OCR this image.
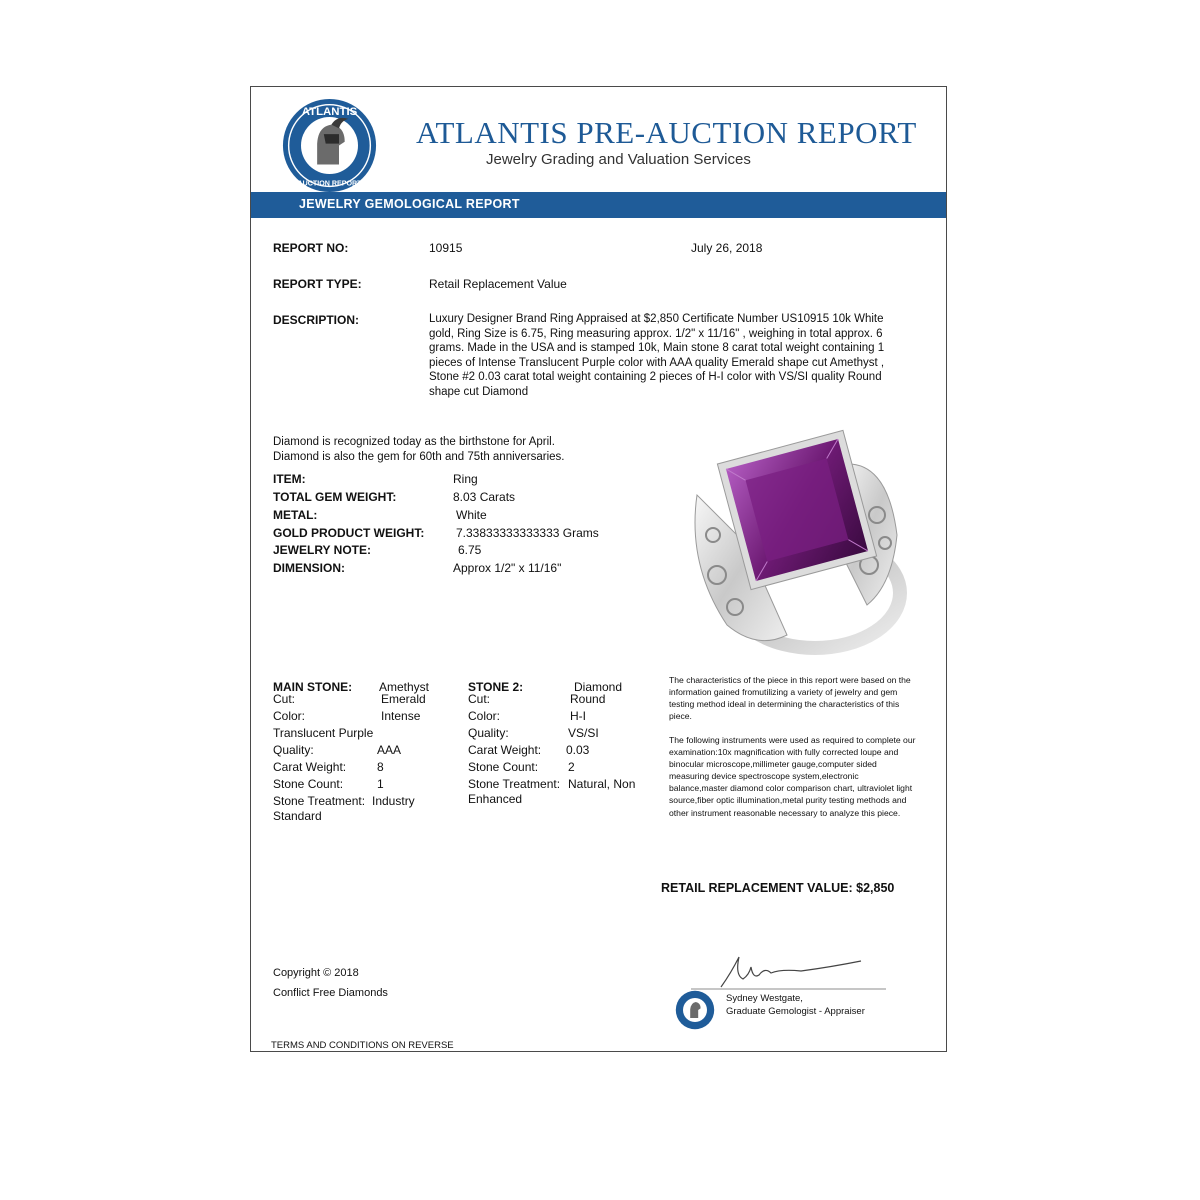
ATLANTIS
AUCTION REPORT
ATLANTIS PRE-AUCTION REPORT
Jewelry Grading and Valuation Services
JEWELRY GEMOLOGICAL REPORT
REPORT NO:	10915	July 26, 2018
REPORT TYPE:	Retail Replacement Value
DESCRIPTION:	Luxury Designer Brand Ring Appraised at $2,850 Certificate Number US10915 10k White gold, Ring Size is 6.75, Ring measuring approx. 1/2" x 11/16" , weighing in total approx. 6 grams. Made in the USA and is stamped 10k, Main stone 8 carat total weight containing 1 pieces of Intense Translucent Purple color with AAA quality Emerald shape cut Amethyst , Stone #2 0.03 carat total weight containing 2 pieces of H-I color with VS/SI quality Round shape cut Diamond
Diamond is recognized today as the birthstone for April.
Diamond is also the gem for 60th and 75th anniversaries.
ITEM:	Ring
TOTAL GEM WEIGHT:	8.03 Carats
METAL:	White
GOLD PRODUCT WEIGHT:	7.33833333333333 Grams
JEWELRY NOTE:	6.75
DIMENSION:	Approx 1/2" x 11/16"
MAIN STONE: Amethyst
Cut:	Emerald
Color:	Intense
Translucent Purple
Quality:	AAA
Carat Weight:	8
Stone Count:	1
Stone Treatment: Industry
Standard
STONE 2:	Diamond
Cut:	Round
Color:	H-I
Quality:	VS/SI
Carat Weight: 0.03
Stone Count: 2
Stone Treatment: Natural, Non
Enhanced
The characteristics of the piece in this report were based on the information gained fromutilizing a variety of jewelry and gem testing method ideal in determining the characteristics of this piece.
The following instruments were used as required to complete our examination:10x magnification with fully corrected loupe and binocular microscope,millimeter gauge,computer sided measuring device spectroscope system,electronic balance,master diamond color comparison chart, ultraviolet light source,fiber optic illumination,metal purity testing methods and other instrument reasonable necessary to analyze this piece.
RETAIL REPLACEMENT VALUE: $2,850
Copyright © 2018
Conflict Free Diamonds	Sydney Westgate,
Graduate Gemologist - Appraiser
TERMS AND CONDITIONS ON REVERSE
